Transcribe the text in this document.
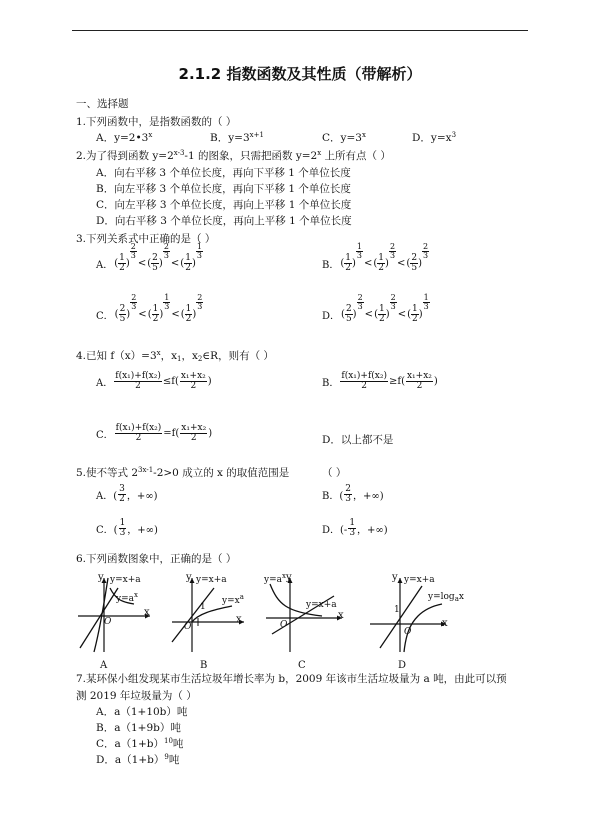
2.1.2 指数函数及其性质（带解析）
一、选择题
1.下列函数中，是指数函数的（ ）
A．$y=2•3^x$	B．$y=3^{x+1}$	C．$y=3^x$	D．$y=x^3$
2.为了得到函数 $y=2^{x-3}-1$ 的图象，只需把函数 $y=2^x$ 上所有点（ ）
A．向右平移 3 个单位长度，再向下平移 1 个单位长度
B．向左平移 3 个单位长度，再向下平移 1 个单位长度
C．向左平移 3 个单位长度，再向上平移 1 个单位长度
D．向右平移 3 个单位长度，再向上平移 1 个单位长度
3.下列关系式中正确的是（ ）
A． ( $\frac{1}{2}$ )
$\frac{2}{3}$
< ( $\frac{2}{5}$ )
$\frac{2}{3}$
< ( $\frac{1}{2}$ )
$\frac{1}{3}$
B． ( $\frac{1}{2}$ )
$\frac{1}{3}$
< ( $\frac{1}{2}$ )
$\frac{2}{3}$
< ( $\frac{2}{5}$ )
$\frac{2}{3}$
C． ( $\frac{2}{5}$ )
$\frac{2}{3}$
< ( $\frac{1}{2}$ )
$\frac{1}{3}$
< ( $\frac{1}{2}$ )
$\frac{2}{3}$
D． ( $\frac{2}{5}$ )
$\frac{2}{3}$
< ( $\frac{1}{2}$ )
$\frac{2}{3}$
< ( $\frac{1}{2}$ )
$\frac{1}{3}$
4.已知 $f(x)=3^x$，$x_1$，$x_2\in R$，则有（ ）
A． $\frac{\text{f(x₁)+f(x₂)}}{2} \le f( \frac{\text{x₁+x₂}}{2}$ )	B． $\frac{\text{f(x₁)+f(x₂)}}{2} \ge f( \frac{\text{x₁+x₂}}{2}$ )
C． $\frac{\text{f(x₁)+f(x₂)}}{2} =f( \frac{\text{x₁+x₂}}{2}$ )
D．以上都不是
5.使不等式 $2^{3x-1}-2>0$ 成立的 x 的取值范围是	（ ）
A．( $\frac{3}{2}$ ，+∞)	B．( $\frac{2}{3}$ ，+∞)
C．( $\frac{1}{3}$ ，+∞)	D．(- $\frac{1}{3}$ ，+∞)
6.下列函数图象中，正确的是（ ）
y y=x+a
$y=a^x$
x
O
A
y y=x+a
$y=x^a$
1
x
O
B
$y=a^x$ y
y=x+a
x
O
C
y y=x+a
$y=\log_ax$
1
x
O
D
7.某环保小组发现某市生活垃圾年增长率为 b，2009 年该市生活垃圾量为 a 吨，由此可以预
测 2019 年垃圾量为（ ）
A．a（1+10b）吨
B．a（1+9b）吨
C．$a(1+b)^{10}$吨
D．$a(1+b)^9$吨
